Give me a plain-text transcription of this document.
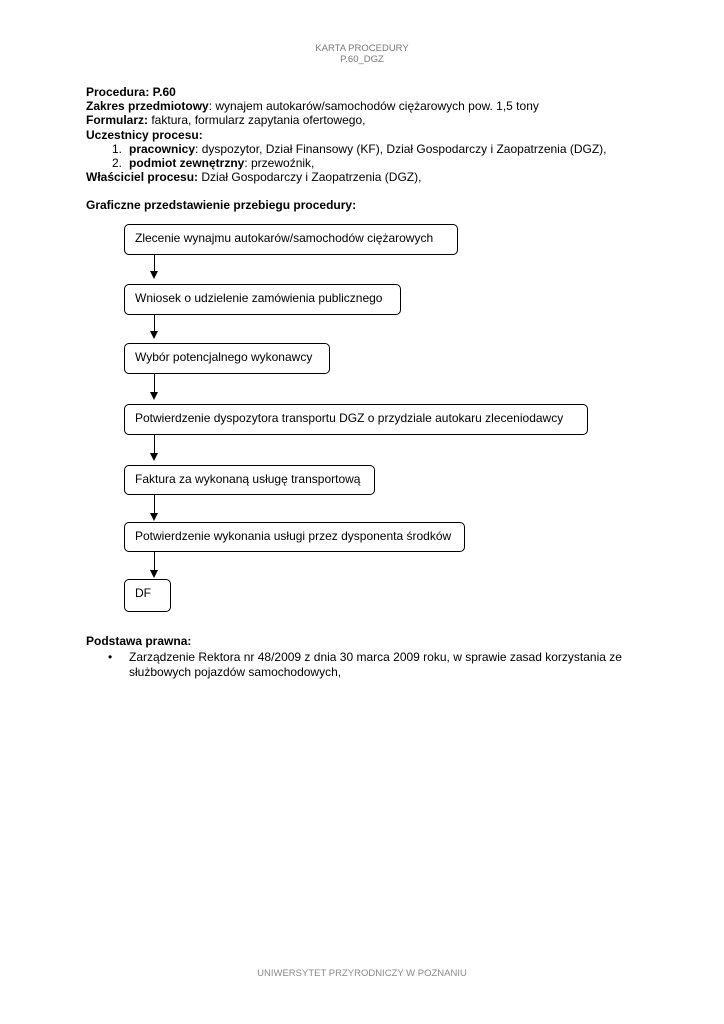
KARTA PROCEDURY
P.60_DGZ
Procedura: P.60
Zakres przedmiotowy: wynajem autokarów/samochodów ciężarowych pow. 1,5 tony
Formularz: faktura, formularz zapytania ofertowego,
Uczestnicy procesu:
1. pracownicy: dyspozytor, Dział Finansowy (KF), Dział Gospodarczy i Zaopatrzenia (DGZ),
2. podmiot zewnętrzny: przewoźnik,
Właściciel procesu: Dział Gospodarczy i Zaopatrzenia (DGZ),
Graficzne przedstawienie przebiegu procedury:
Zlecenie wynajmu autokarów/samochodów ciężarowych
Wniosek o udzielenie zamówienia publicznego
Wybór potencjalnego wykonawcy
Potwierdzenie dyspozytora transportu DGZ o przydziale autokaru zleceniodawcy
Faktura za wykonaną usługę transportową
Potwierdzenie wykonania usługi przez dysponenta środków
DF
Podstawa prawna:
•	Zarządzenie Rektora nr 48/2009 z dnia 30 marca 2009 roku, w sprawie zasad korzystania ze służbowych pojazdów samochodowych,
UNIWERSYTET PRZYRODNICZY W POZNANIU
